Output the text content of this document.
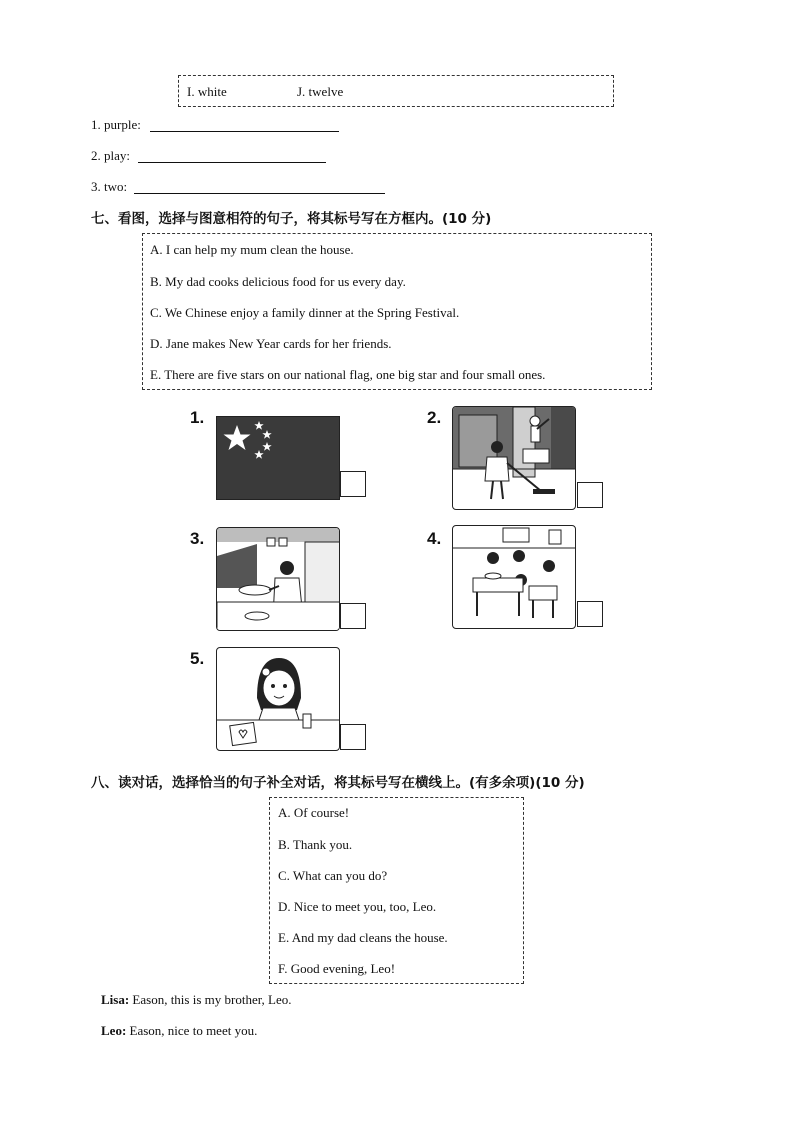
I. white	J. twelve
1. purple:
2. play:
3. two:
七、看图，选择与图意相符的句子，将其标号写在方框内。(10 分)
A. I can help my mum clean the house.
B. My dad cooks delicious food for us every day.
C. We Chinese enjoy a family dinner at the Spring Festival.
D. Jane makes New Year cards for her friends.
E. There are five stars on our national flag, one big star and four small ones.
1.	2.
3.	4.
5.
八、读对话，选择恰当的句子补全对话，将其标号写在横线上。(有多余项)(10 分)
A. Of course!
B. Thank you.
C. What can you do?
D. Nice to meet you, too, Leo.
E. And my dad cleans the house.
F. Good evening, Leo!
Lisa: Eason, this is my brother, Leo.
Leo: Eason, nice to meet you.
